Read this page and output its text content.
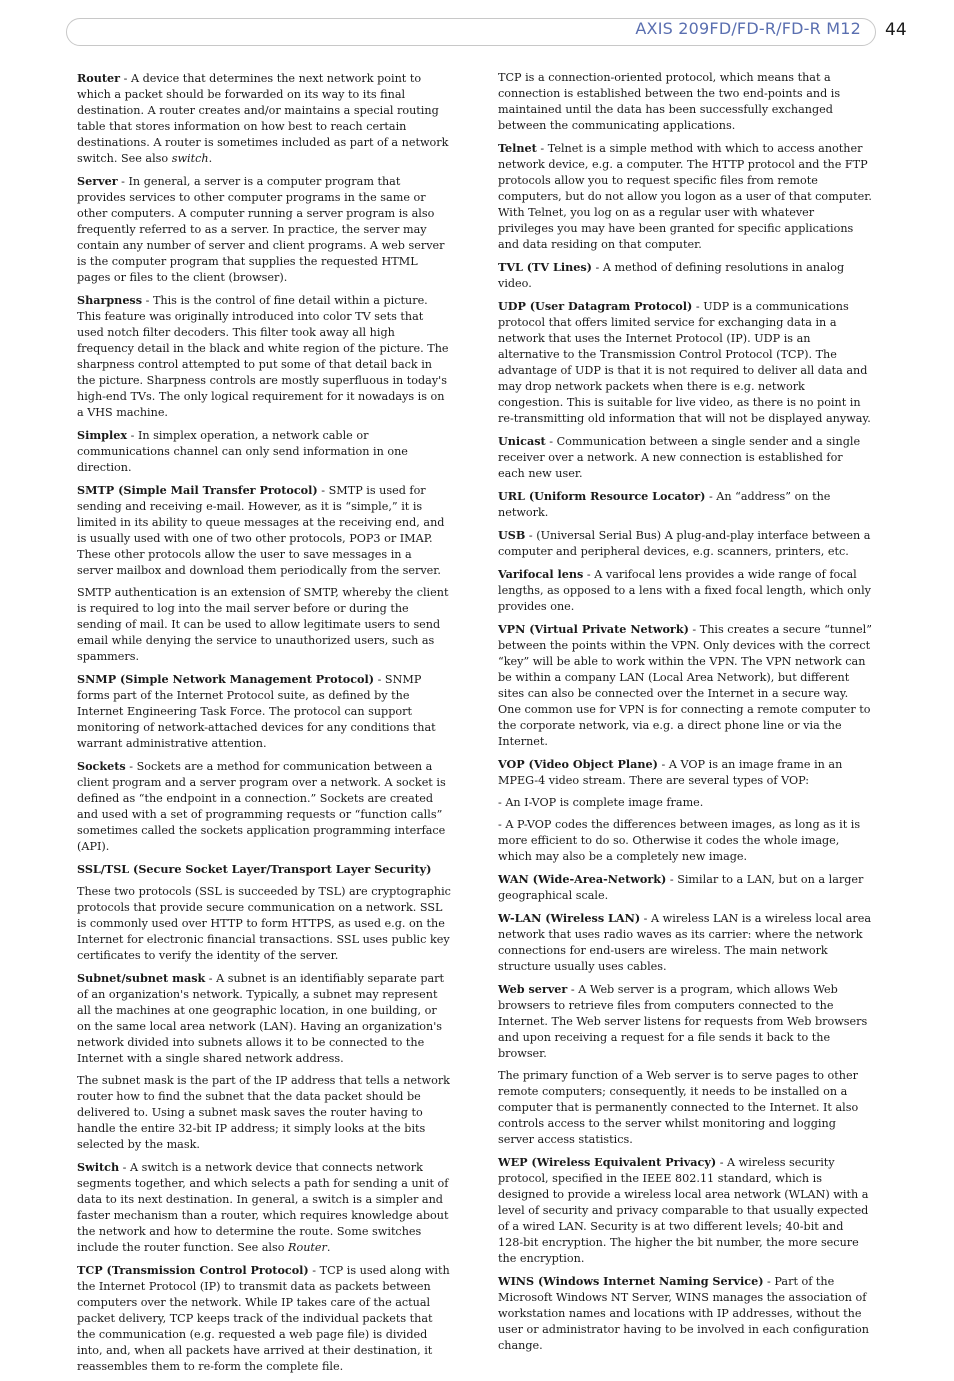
AXIS 209FD/FD-R/FD-R M12 44

Router - A device that determines the next network point to which a packet should be forwarded on its way to its final destination. A router creates and/or maintains a special routing table that stores information on how best to reach certain destinations. A router is sometimes included as part of a network switch. See also switch.

Server - In general, a server is a computer program that provides services to other computer programs in the same or other computers. A computer running a server program is also frequently referred to as a server. In practice, the server may contain any number of server and client programs. A web server is the computer program that supplies the requested HTML pages or files to the client (browser).

Sharpness - This is the control of fine detail within a picture. This feature was originally introduced into color TV sets that used notch filter decoders. This filter took away all high frequency detail in the black and white region of the picture. The sharpness control attempted to put some of that detail back in the picture. Sharpness controls are mostly superfluous in today's high-end TVs. The only logical requirement for it nowadays is on a VHS machine.

Simplex - In simplex operation, a network cable or communications channel can only send information in one direction.

SMTP (Simple Mail Transfer Protocol) - SMTP is used for sending and receiving e-mail. However, as it is “simple,” it is limited in its ability to queue messages at the receiving end, and is usually used with one of two other protocols, POP3 or IMAP. These other protocols allow the user to save messages in a server mailbox and download them periodically from the server.

SMTP authentication is an extension of SMTP, whereby the client is required to log into the mail server before or during the sending of mail. It can be used to allow legitimate users to send email while denying the service to unauthorized users, such as spammers.

SNMP (Simple Network Management Protocol) - SNMP forms part of the Internet Protocol suite, as defined by the Internet Engineering Task Force. The protocol can support monitoring of network-attached devices for any conditions that warrant administrative attention.

Sockets - Sockets are a method for communication between a client program and a server program over a network. A socket is defined as “the endpoint in a connection.” Sockets are created and used with a set of programming requests or “function calls” sometimes called the sockets application programming interface (API).

SSL/TSL (Secure Socket Layer/Transport Layer Security)

These two protocols (SSL is succeeded by TSL) are cryptographic protocols that provide secure communication on a network. SSL is commonly used over HTTP to form HTTPS, as used e.g. on the Internet for electronic financial transactions. SSL uses public key certificates to verify the identity of the server.

Subnet/subnet mask - A subnet is an identifiably separate part of an organization's network. Typically, a subnet may represent all the machines at one geographic location, in one building, or on the same local area network (LAN). Having an organization's network divided into subnets allows it to be connected to the Internet with a single shared network address.

The subnet mask is the part of the IP address that tells a network router how to find the subnet that the data packet should be delivered to. Using a subnet mask saves the router having to handle the entire 32-bit IP address; it simply looks at the bits selected by the mask.

Switch - A switch is a network device that connects network segments together, and which selects a path for sending a unit of data to its next destination. In general, a switch is a simpler and faster mechanism than a router, which requires knowledge about the network and how to determine the route. Some switches include the router function. See also Router.

TCP (Transmission Control Protocol) - TCP is used along with the Internet Protocol (IP) to transmit data as packets between computers over the network. While IP takes care of the actual packet delivery, TCP keeps track of the individual packets that the communication (e.g. requested a web page file) is divided into, and, when all packets have arrived at their destination, it reassembles them to re-form the complete file.

TCP is a connection-oriented protocol, which means that a connection is established between the two end-points and is maintained until the data has been successfully exchanged between the communicating applications.

Telnet - Telnet is a simple method with which to access another network device, e.g. a computer. The HTTP protocol and the FTP protocols allow you to request specific files from remote computers, but do not allow you logon as a user of that computer. With Telnet, you log on as a regular user with whatever privileges you may have been granted for specific applications and data residing on that computer.

TVL (TV Lines) - A method of defining resolutions in analog video.

UDP (User Datagram Protocol) - UDP is a communications protocol that offers limited service for exchanging data in a network that uses the Internet Protocol (IP). UDP is an alternative to the Transmission Control Protocol (TCP). The advantage of UDP is that it is not required to deliver all data and may drop network packets when there is e.g. network congestion. This is suitable for live video, as there is no point in re-transmitting old information that will not be displayed anyway.

Unicast - Communication between a single sender and a single receiver over a network. A new connection is established for each new user.

URL (Uniform Resource Locator) - An “address” on the network.

USB - (Universal Serial Bus) A plug-and-play interface between a computer and peripheral devices, e.g. scanners, printers, etc.

Varifocal lens - A varifocal lens provides a wide range of focal lengths, as opposed to a lens with a fixed focal length, which only provides one.

VPN (Virtual Private Network) - This creates a secure “tunnel” between the points within the VPN. Only devices with the correct “key” will be able to work within the VPN. The VPN network can be within a company LAN (Local Area Network), but different sites can also be connected over the Internet in a secure way. One common use for VPN is for connecting a remote computer to the corporate network, via e.g. a direct phone line or via the Internet.

VOP (Video Object Plane) - A VOP is an image frame in an MPEG-4 video stream. There are several types of VOP:

- An I-VOP is complete image frame.

- A P-VOP codes the differences between images, as long as it is more efficient to do so. Otherwise it codes the whole image, which may also be a completely new image.

WAN (Wide-Area-Network) - Similar to a LAN, but on a larger geographical scale.

W-LAN (Wireless LAN) - A wireless LAN is a wireless local area network that uses radio waves as its carrier: where the network connections for end-users are wireless. The main network structure usually uses cables.

Web server - A Web server is a program, which allows Web browsers to retrieve files from computers connected to the Internet. The Web server listens for requests from Web browsers and upon receiving a request for a file sends it back to the browser.

The primary function of a Web server is to serve pages to other remote computers; consequently, it needs to be installed on a computer that is permanently connected to the Internet. It also controls access to the server whilst monitoring and logging server access statistics.

WEP (Wireless Equivalent Privacy) - A wireless security protocol, specified in the IEEE 802.11 standard, which is designed to provide a wireless local area network (WLAN) with a level of security and privacy comparable to that usually expected of a wired LAN. Security is at two different levels; 40-bit and 128-bit encryption. The higher the bit number, the more secure the encryption.

WINS (Windows Internet Naming Service) - Part of the Microsoft Windows NT Server, WINS manages the association of workstation names and locations with IP addresses, without the user or administrator having to be involved in each configuration change.
